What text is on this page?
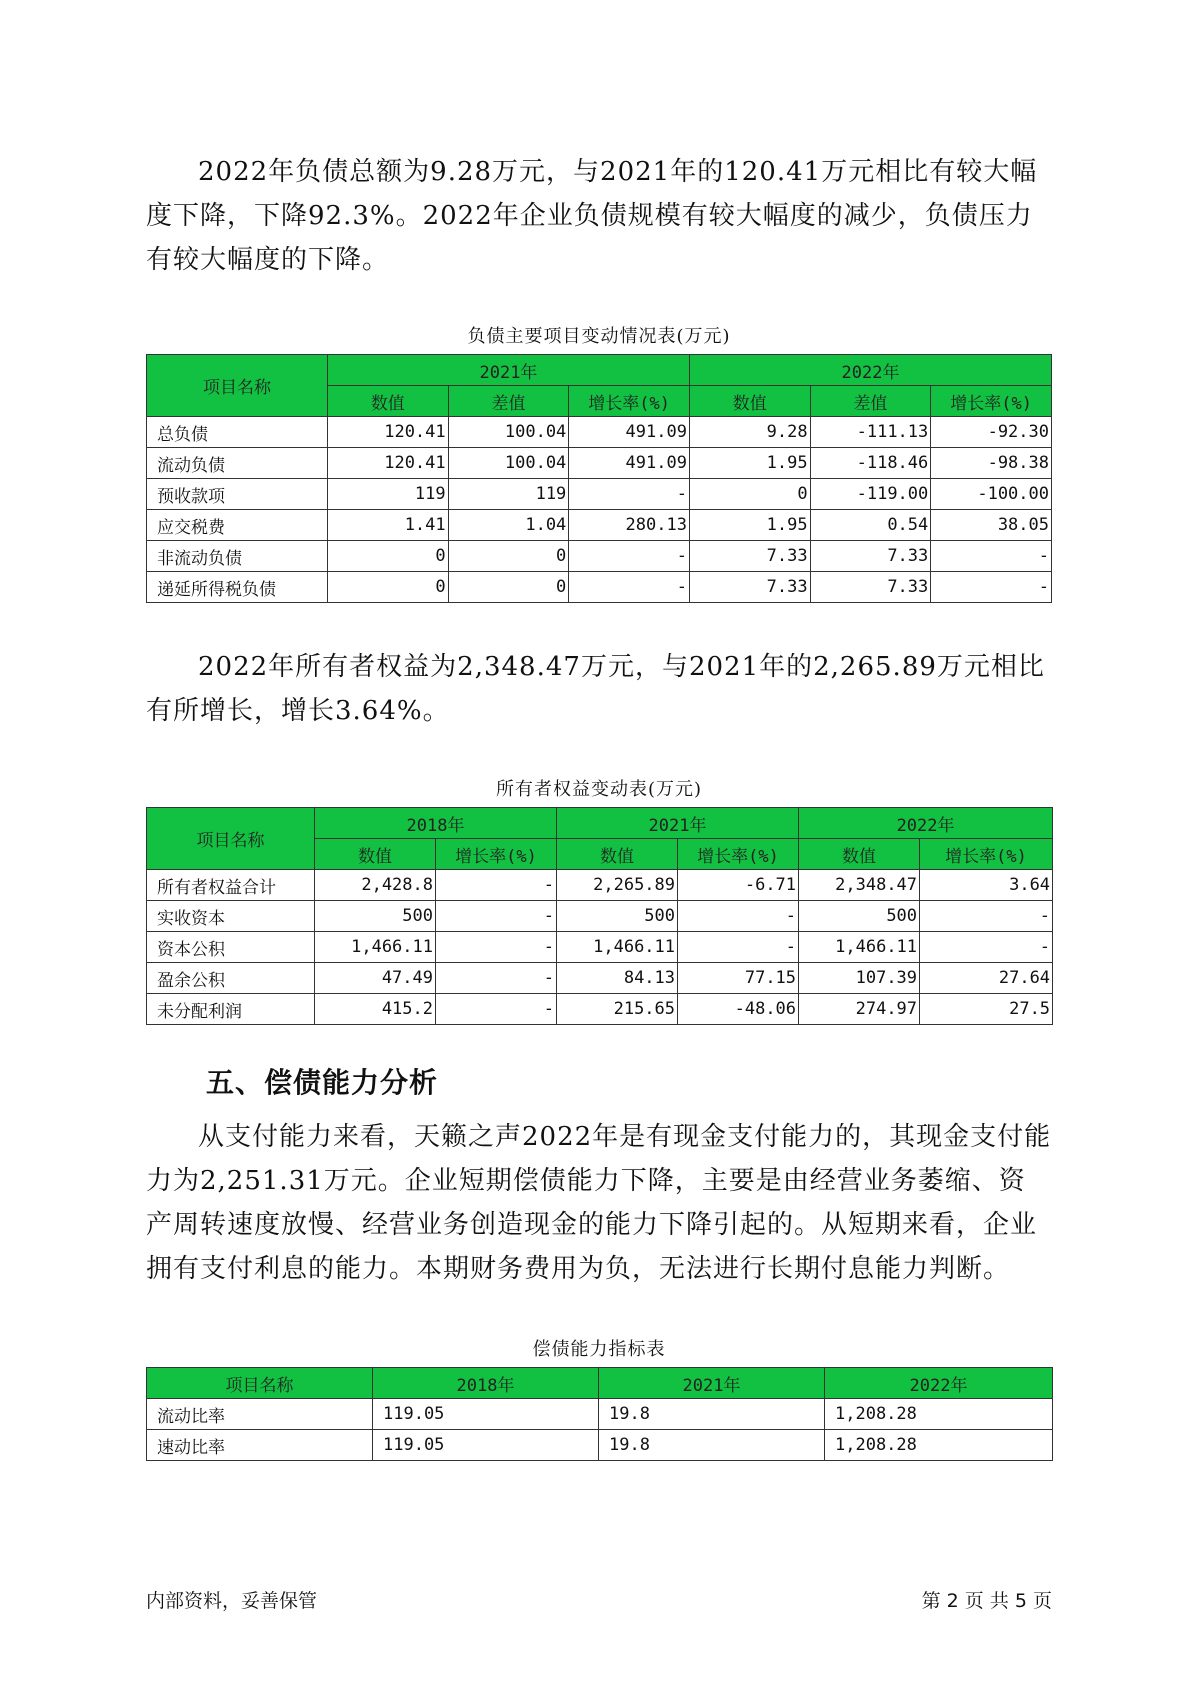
2022年负债总额为9.28万元，与2021年的120.41万元相比有较大幅度下降，下降92.3%。2022年企业负债规模有较大幅度的减少，负债压力有较大幅度的下降。

负债主要项目变动情况表(万元)

项目名称	2021年			2022年		
	数值	差值	增长率(%)	数值	差值	增长率(%)
总负债	120.41	100.04	491.09	9.28	-111.13	-92.30
流动负债	120.41	100.04	491.09	1.95	-118.46	-98.38
预收款项	119	119	-	0	-119.00	-100.00
应交税费	1.41	1.04	280.13	1.95	0.54	38.05
非流动负债	0	0	-	7.33	7.33	-
递延所得税负债	0	0	-	7.33	7.33	-

2022年所有者权益为2,348.47万元，与2021年的2,265.89万元相比有所增长，增长3.64%。

所有者权益变动表(万元)

项目名称	2018年		2021年		2022年	
	数值	增长率(%)	数值	增长率(%)	数值	增长率(%)
所有者权益合计	2,428.8	-	2,265.89	-6.71	2,348.47	3.64
实收资本	500	-	500	-	500	-
资本公积	1,466.11	-	1,466.11	-	1,466.11	-
盈余公积	47.49	-	84.13	77.15	107.39	27.64
未分配利润	415.2	-	215.65	-48.06	274.97	27.5
五、偿债能力分析

从支付能力来看，天籁之声2022年是有现金支付能力的，其现金支付能力为2,251.31万元。企业短期偿债能力下降，主要是由经营业务萎缩、资产周转速度放慢、经营业务创造现金的能力下降引起的。从短期来看，企业拥有支付利息的能力。本期财务费用为负，无法进行长期付息能力判断。

偿债能力指标表

项目名称	2018年	2021年	2022年
流动比率	119.05	19.8	1,208.28
速动比率	119.05	19.8	1,208.28
内部资料，妥善保管	第 2 页 共 5 页
